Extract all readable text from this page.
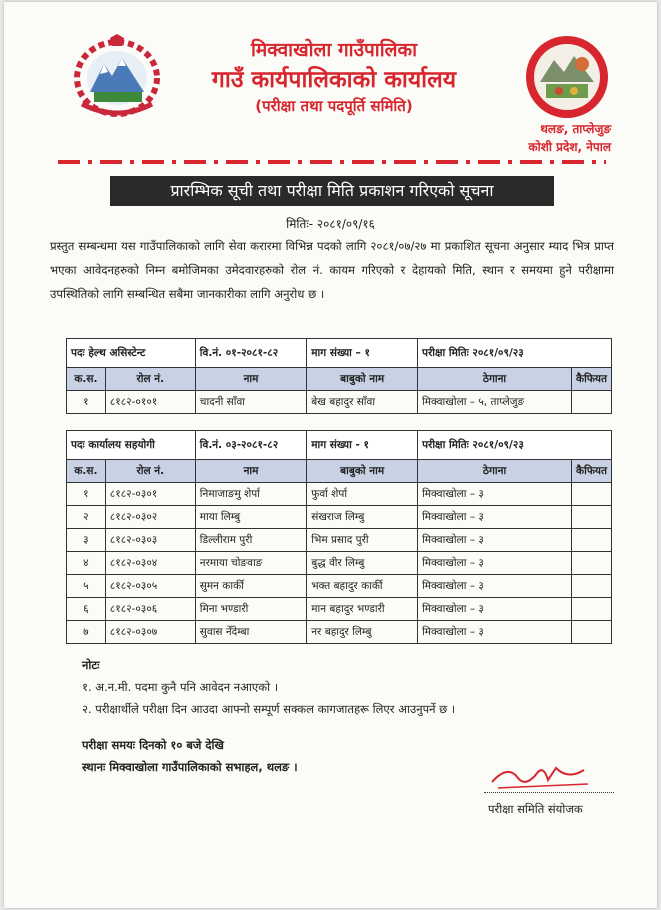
मिक्वाखोला गाउँपालिका
गाउँ कार्यपालिकाको कार्यालय
(परीक्षा तथा पदपूर्ति समिति)
थलङ, ताप्लेजुङ
कोशी प्रदेश, नेपाल
प्रारम्भिक सूची तथा परीक्षा मिति प्रकाशन गरिएको सूचना
मितिः- २०८१/०९/१६
प्रस्तुत सम्बन्धमा यस गाउँपालिकाको लागि सेवा करारमा विभिन्न पदको लागि २०८१/०७/२७ मा प्रकाशित सूचना अनुसार म्याद भित्र प्राप्त भएका आवेदनहरुको निम्न बमोजिमका उमेदवारहरुको रोल नं. कायम गरिएको र देहायको मिति, स्थान र समयमा हुने परीक्षामा उपस्थितिको लागि सम्बन्धित सबैमा जानकारीका लागि अनुरोध छ ।
पदः हेल्थ असिस्टेन्ट		वि.नं. ०१-२०८१-८२	माग संख्या – १	परीक्षा मितिः २०८१/०९/२३	
क.स.	रोल नं.	नाम	बाबुको नाम	ठेगाना	कैफियत
१	८१८२-०१०१	चादनी साँवा	बेख बहादुर साँवा	मिक्वाखोला – ५, ताप्लेजुङ	
पदः कार्यालय सहयोगी		वि.नं. ०३-२०८१-८२	माग संख्या - १	परीक्षा मितिः २०८१/०९/२३	
क.स.	रोल नं.	नाम	बाबुको नाम	ठेगाना	कैफियत
१	८१८२-०३०१	निमाजाङमु शेर्पा	फुर्वा शेर्पा	मिक्वाखोला – ३	
२	८१८२-०३०२	माया लिम्बु	संखराज लिम्बु	मिक्वाखोला – ३	
३	८१८२-०३०३	डिल्लीराम पुरी	भिम प्रसाद पुरी	मिक्वाखोला – ३	
४	८१८२-०३०४	नरमाया चोङवाङ	बुद्ध वीर लिम्बु	मिक्वाखोला – ३	
५	८१८२-०३०५	सुमन कार्की	भक्त बहादुर कार्की	मिक्वाखोला – ३	
६	८१८२-०३०६	मिना भण्डारी	मान बहादुर भण्डारी	मिक्वाखोला – ३	
७	८१८२-०३०७	सुवास नेँदेम्बा	नर बहादुर लिम्बु	मिक्वाखोला – ३	
नोटः
१. अ.न.मी. पदमा कुनै पनि आवेदन नआएको ।
२. परीक्षार्थीले परीक्षा दिन आउदा आफ्नो सम्पूर्ण सक्कल कागजातहरू लिएर आउनुपर्ने छ ।
परीक्षा समयः दिनको १० बजे देखि
स्थानः मिक्वाखोला गाउँपालिकाको सभाहल, थलङ ।
परीक्षा समिति संयोजक
